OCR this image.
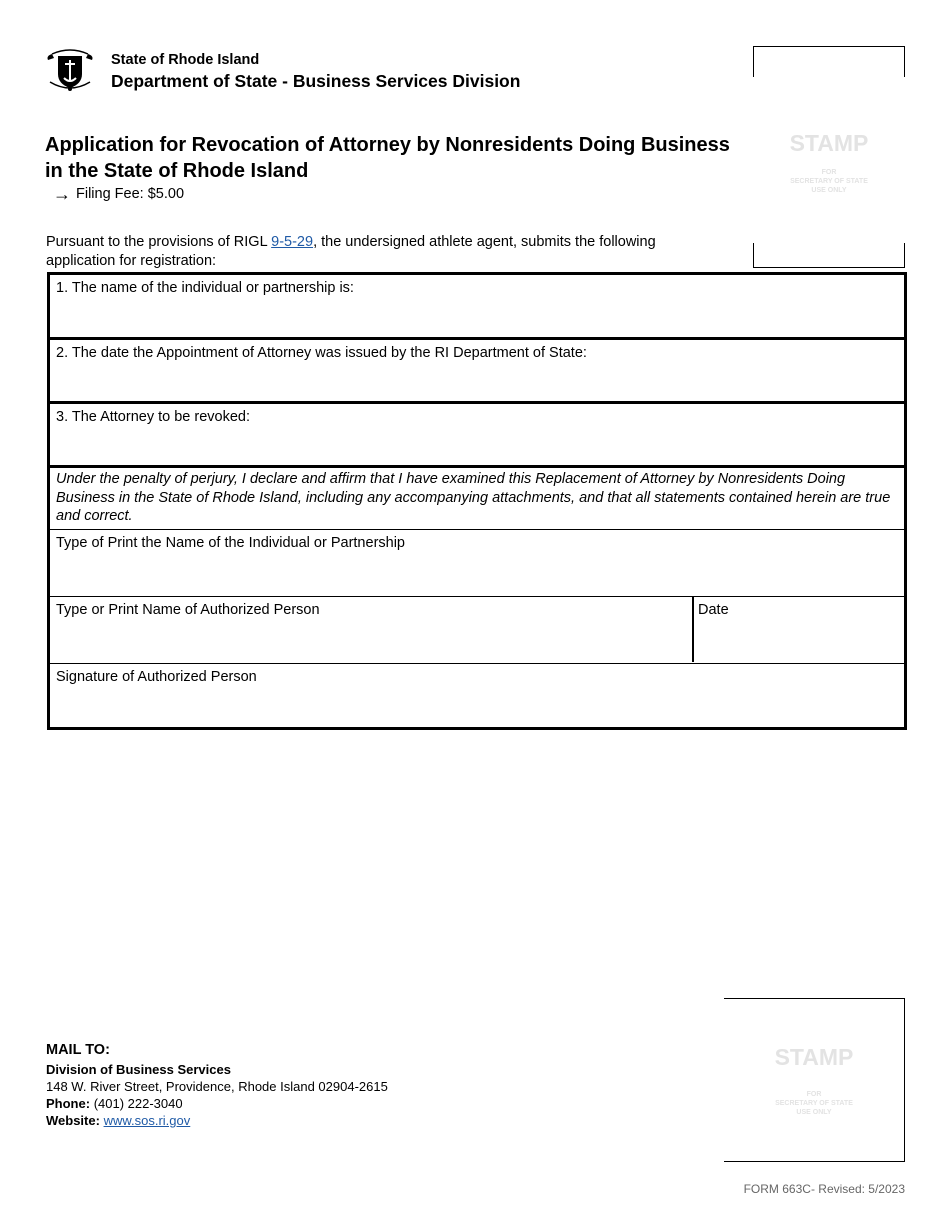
State of Rhode Island
Department of State - Business Services Division
Application for Revocation of Attorney by Nonresidents Doing Business in the State of Rhode Island
→ Filing Fee: $5.00
STAMP
FOR
SECRETARY OF STATE
USE ONLY
Pursuant to the provisions of RIGL 9-5-29, the undersigned athlete agent, submits the following application for registration:
1. The name of the individual or partnership is:
2. The date the Appointment of Attorney was issued by the RI Department of State:
3. The Attorney to be revoked:
Under the penalty of perjury, I declare and affirm that I have examined this Replacement of Attorney by Nonresidents Doing Business in the State of Rhode Island, including any accompanying attachments, and that all statements contained herein are true and correct.
Type of Print the Name of the Individual or Partnership
Type or Print Name of Authorized Person	Date
Signature of Authorized Person
STAMP
FOR
SECRETARY OF STATE
USE ONLY
MAIL TO:
Division of Business Services
148 W. River Street, Providence, Rhode Island 02904-2615
Phone: (401) 222-3040
Website: www.sos.ri.gov
FORM 663C- Revised: 5/2023
